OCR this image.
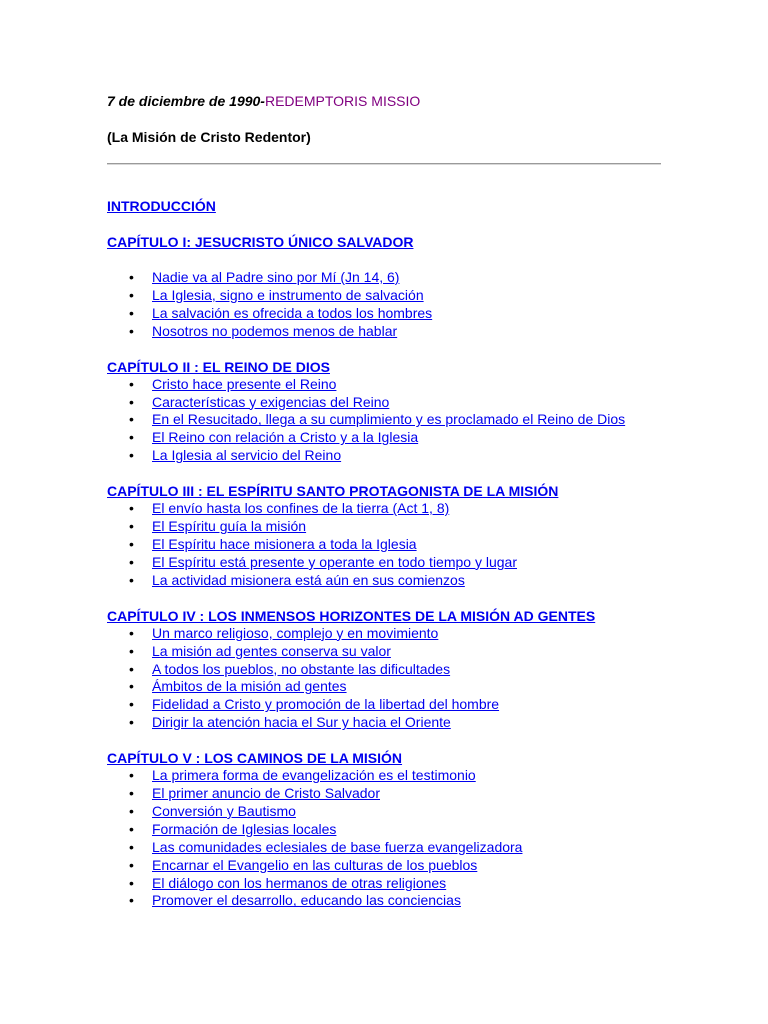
7 de diciembre de 1990-REDEMPTORIS MISSIO

(La Misión de Cristo Redentor)

INTRODUCCIÓN

CAPÍTULO I: JESUCRISTO ÚNICO SALVADOR

• Nadie va al Padre sino por Mí (Jn 14, 6)
• La Iglesia, signo e instrumento de salvación
• La salvación es ofrecida a todos los hombres
• Nosotros no podemos menos de hablar

CAPÍTULO II : EL REINO DE DIOS

• Cristo hace presente el Reino
• Características y exigencias del Reino
• En el Resucitado, llega a su cumplimiento y es proclamado el Reino de Dios
• El Reino con relación a Cristo y a la Iglesia
• La Iglesia al servicio del Reino

CAPÍTULO III : EL ESPÍRITU SANTO PROTAGONISTA DE LA MISIÓN

• El envío hasta los confines de la tierra (Act 1, 8)
• El Espíritu guía la misión
• El Espíritu hace misionera a toda la Iglesia
• El Espíritu está presente y operante en todo tiempo y lugar
• La actividad misionera está aún en sus comienzos

CAPÍTULO IV : LOS INMENSOS HORIZONTES DE LA MISIÓN AD GENTES

• Un marco religioso, complejo y en movimiento
• La misión ad gentes conserva su valor
• A todos los pueblos, no obstante las dificultades
• Ámbitos de la misión ad gentes
• Fidelidad a Cristo y promoción de la libertad del hombre
• Dirigir la atención hacia el Sur y hacia el Oriente

CAPÍTULO V : LOS CAMINOS DE LA MISIÓN

• La primera forma de evangelización es el testimonio
• El primer anuncio de Cristo Salvador
• Conversión y Bautismo
• Formación de Iglesias locales
• Las comunidades eclesiales de base fuerza evangelizadora
• Encarnar el Evangelio en las culturas de los pueblos
• El diálogo con los hermanos de otras religiones
• Promover el desarrollo, educando las conciencias
